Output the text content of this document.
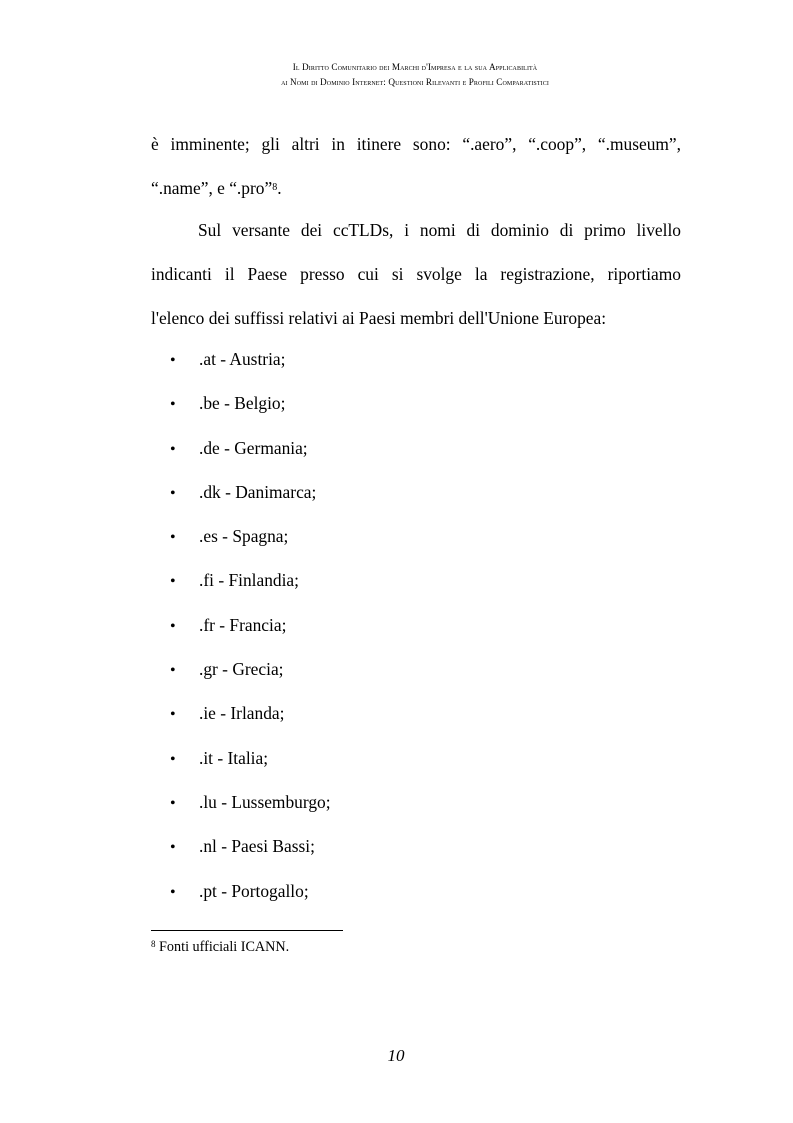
Il Diritto Comunitario dei Marchi d'Impresa e la sua Applicabilità
ai Nomi di Dominio Internet: Questioni Rilevanti e Profili Comparatistici
è imminente; gli altri in itinere sono: “.aero”, “.coop”, “.museum”,
“.name”, e “.pro”$^8$.
Sul versante dei ccTLDs, i nomi di dominio di primo livello
indicanti il Paese presso cui si svolge la registrazione, riportiamo
l'elenco dei suffissi relativi ai Paesi membri dell'Unione Europea:
• .at - Austria;
• .be - Belgio;
• .de - Germania;
• .dk - Danimarca;
• .es - Spagna;
• .fi - Finlandia;
• .fr - Francia;
• .gr - Grecia;
• .ie - Irlanda;
• .it - Italia;
• .lu - Lussemburgo;
• .nl - Paesi Bassi;
• .pt - Portogallo;
$^8$ Fonti ufficiali ICANN.
10
